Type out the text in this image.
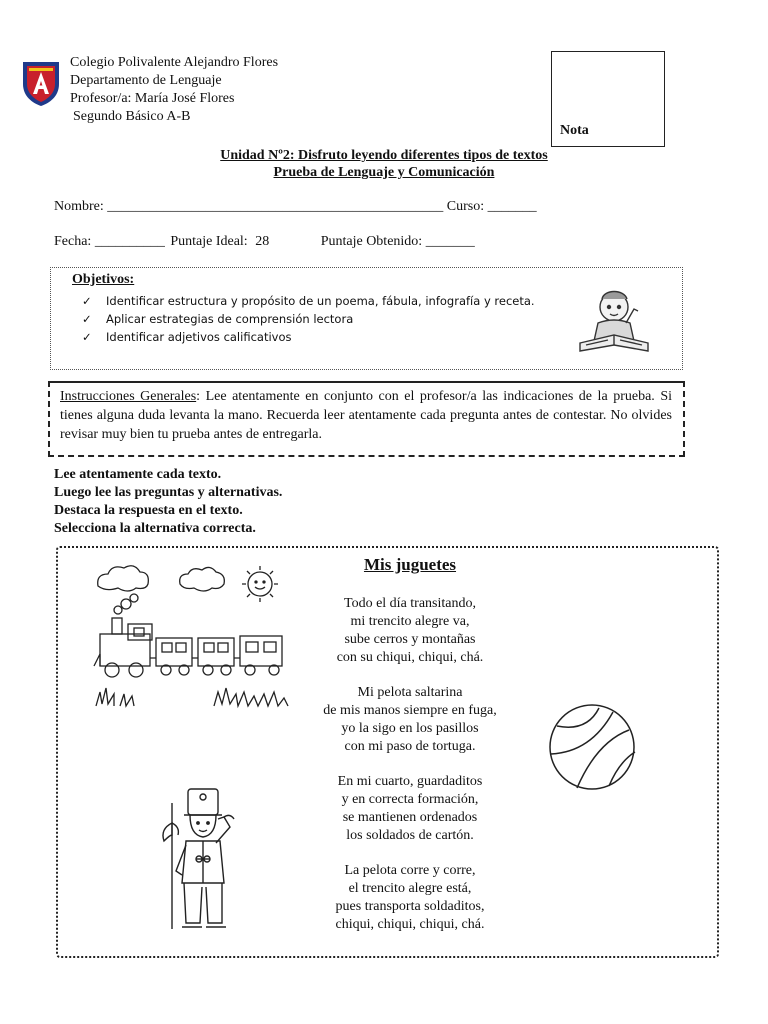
Colegio Polivalente Alejandro Flores
Departamento de Lenguaje
Profesor/a: María José Flores
Segundo Básico A-B
Nota
Unidad Nº2: Disfruto leyendo diferentes tipos de textos
Prueba de Lenguaje y Comunicación
Nombre: ________________________________________________ Curso: _______
Fecha: __________ Puntaje Ideal: 28	Puntaje Obtenido: _______
Objetivos:
✓ Identificar estructura y propósito de un poema, fábula, infografía y receta.
✓ Aplicar estrategias de comprensión lectora
✓ Identificar adjetivos calificativos
Instrucciones Generales: Lee atentamente en conjunto con el profesor/a las indicaciones de la prueba. Si tienes alguna duda levanta la mano. Recuerda leer atentamente cada pregunta antes de contestar. No olvides revisar muy bien tu prueba antes de entregarla.
Lee atentamente cada texto.
Luego lee las preguntas y alternativas.
Destaca la respuesta en el texto.
Selecciona la alternativa correcta.
Mis juguetes
Todo el día transitando,
mi trencito alegre va,
sube cerros y montañas
con su chiqui, chiqui, chá.
Mi pelota saltarina
de mis manos siempre en fuga,
yo la sigo en los pasillos
con mi paso de tortuga.
En mi cuarto, guardaditos
y en correcta formación,
se mantienen ordenados
los soldados de cartón.
La pelota corre y corre,
el trencito alegre está,
pues transporta soldaditos,
chiqui, chiqui, chiqui, chá.
